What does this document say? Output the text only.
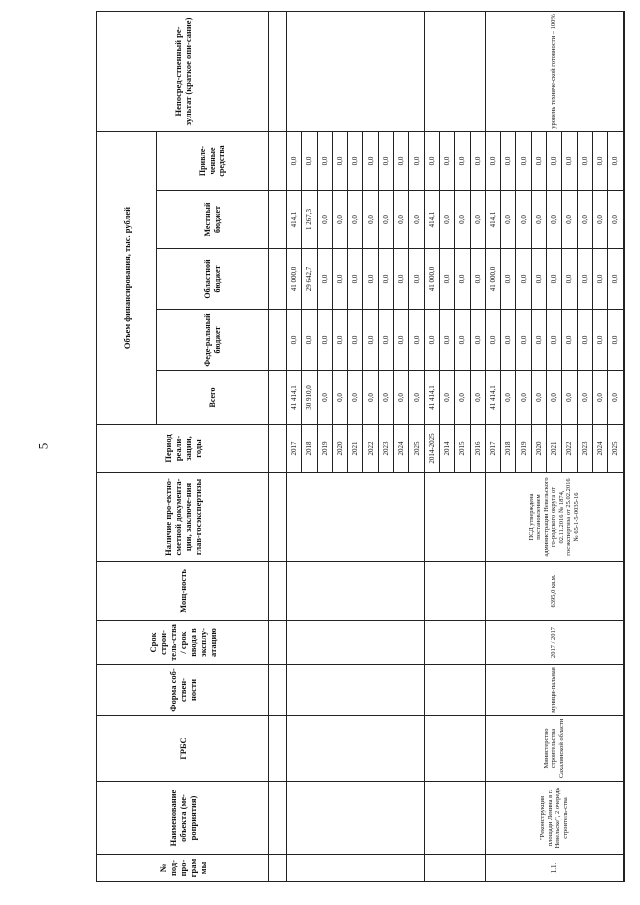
5
№ под-про-грам мы	Наименование объекта (ме-роприятия)	ГРБС	Форма соб-ствен-ности	Срок строи-тель-ства / срок ввода в эксплу-атацию	Мощ-ность	Наличие про-ектно-сметной документа-ции, заключе-ния глав-госэкспертизы	Период реали-зации, годы	Объем финансирования, тыс. рублей					Непосред-ственный ре-зультат (краткое опи-сание)
								Всего	Феде-ральный бюджет	Областной бюджет	Местный бюджет	Привле-ченные средства	

							2017	41 414,1	0,0	41 000,0	414,1	0,0	
							2018	30 910,0	0,0	29 642,7	1 267,3	0,0	
							2019	0,0	0,0	0,0	0,0	0,0	
							2020	0,0	0,0	0,0	0,0	0,0	
							2021	0,0	0,0	0,0	0,0	0,0	
							2022	0,0	0,0	0,0	0,0	0,0	
							2023	0,0	0,0	0,0	0,0	0,0	
							2024	0,0	0,0	0,0	0,0	0,0	
							2025	0,0	0,0	0,0	0,0	0,0	
							2014-2025	41 414,1	0,0	41 000,0	414,1	0,0	
							2014	0,0	0,0	0,0	0,0	0,0	
							2015	0,0	0,0	0,0	0,0	0,0	
							2016	0,0	0,0	0,0	0,0	0,0	
1.1.	"Реконструкция площади Ленина в г. Невельске", 2 очередь строитель-ства	Министерство строительства Сахалинской области	муници-пальная	2017 / 2017	6395,0 кв.м.	ПСД утверждена постановлением администрации Невельского го-родского округа от 02.11.2016 № 1874, госэкспертиза от 25.02.2016 № 65-1-5-0035-16	2017	41 414,1	0,0	41 000,0	414,1	0,0	уровень техниче-ской готовности – 100%
							2018	0,0	0,0	0,0	0,0	0,0	
							2019	0,0	0,0	0,0	0,0	0,0	
							2020	0,0	0,0	0,0	0,0	0,0	
							2021	0,0	0,0	0,0	0,0	0,0	
							2022	0,0	0,0	0,0	0,0	0,0	
							2023	0,0	0,0	0,0	0,0	0,0	
							2024	0,0	0,0	0,0	0,0	0,0	
							2025	0,0	0,0	0,0	0,0	0,0	
